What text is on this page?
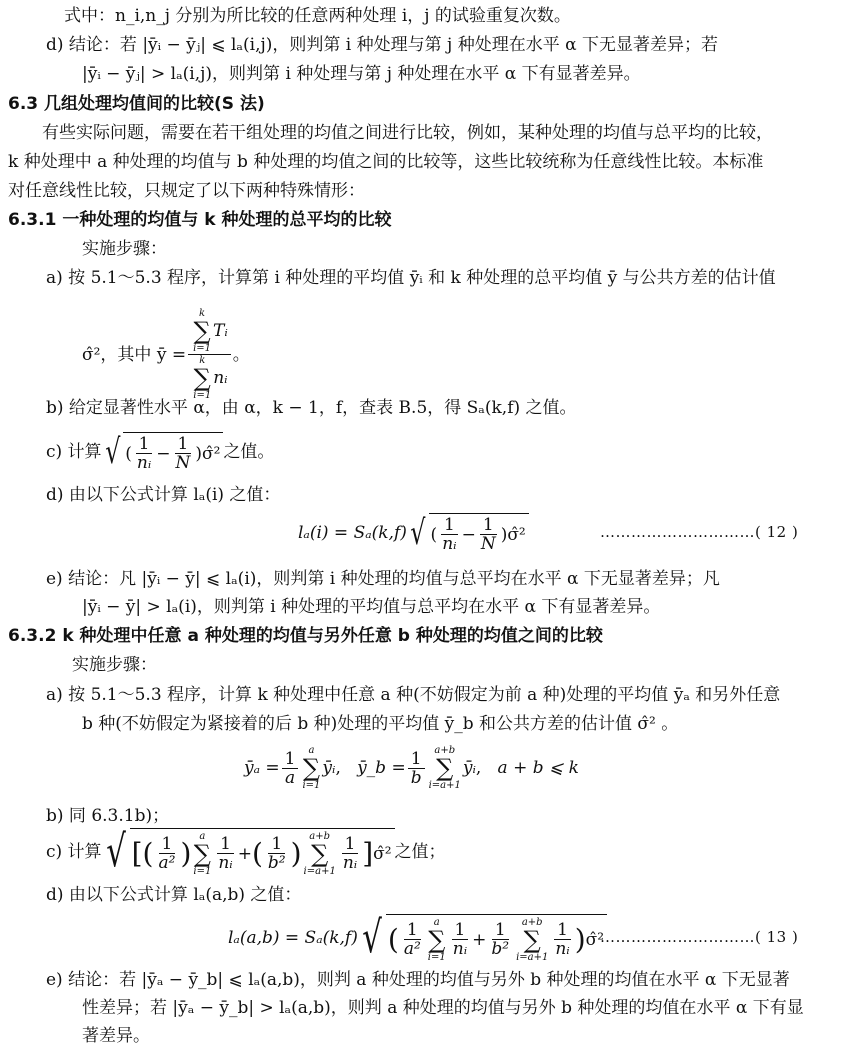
式中：n_i,n_j 分别为所比较的任意两种处理 i，j 的试验重复次数。
d) 结论：若 |ȳᵢ − ȳⱼ| ⩽ lₐ(i,j)，则判第 i 种处理与第 j 种处理在水平 α 下无显著差异；若
|ȳᵢ − ȳⱼ| > lₐ(i,j)，则判第 i 种处理与第 j 种处理在水平 α 下有显著差异。
6.3 几组处理均值间的比较(S 法)
有些实际问题，需要在若干组处理的均值之间进行比较，例如，某种处理的均值与总平均的比较，
k 种处理中 a 种处理的均值与 b 种处理的均值之间的比较等，这些比较统称为任意线性比较。本标准
对任意线性比较，只规定了以下两种特殊情形：
6.3.1 一种处理的均值与 k 种处理的总平均的比较
实施步骤：
a) 按 5.1～5.3 程序，计算第 i 种处理的平均值 ȳᵢ 和 k 种处理的总平均值 ȳ 与公共方差的估计值
σ̂²，其中 ȳ = k
∑
i=1
Tᵢ
k
∑
i=1
nᵢ 。
b) 给定显著性水平 α，由 α，k − 1，f，查表 B.5，得 Sₐ(k,f) 之值。
c) 计算 √ ( $\frac{1}{\text{nᵢ}} - \frac{1}{N}$ ) σ̂² 之值。
d) 由以下公式计算 lₐ(i) 之值：
lₐ(i) = Sₐ(k,f) √ ( $\frac{1}{\text{nᵢ}} - \frac{1}{N}$ ) σ̂²	…………………………( 12 )
e) 结论：凡 |ȳᵢ − ȳ| ⩽ lₐ(i)，则判第 i 种处理的均值与总平均在水平 α 下无显著差异；凡
|ȳᵢ − ȳ| > lₐ(i)，则判第 i 种处理的平均值与总平均在水平 α 下有显著差异。
6.3.2 k 种处理中任意 a 种处理的均值与另外任意 b 种处理的均值之间的比较
实施步骤：
a) 按 5.1～5.3 程序，计算 k 种处理中任意 a 种(不妨假定为前 a 种)处理的平均值 ȳₐ 和另外任意
b 种(不妨假定为紧接着的后 b 种)处理的平均值 ȳ_b 和公共方差的估计值 σ̂² 。
ȳₐ = $\frac{1}{a}$ a
∑
i=1
ȳᵢ , ȳ_b = $\frac{1}{b} a+b$
∑
i=a+1
ȳᵢ , a + b ⩽ k
b) 同 6.3.1b)；
c) 计算 √ [ ( $\frac{1}{\text{a²}}$ )
a
∑
$i=1 \frac{1}{\text{nᵢ}}$ + ( $\frac{1}{\text{b²}}$ )
a+b
∑
$i=a+1 \frac{1}{\text{nᵢ}}$ ] σ̂² 之值；
d) 由以下公式计算 lₐ(a,b) 之值：
lₐ(a,b) = Sₐ(k,f) √ ( $\frac{1}{\text{a²}}$ a
∑
$i=1 \frac{1}{\text{nᵢ}} + \frac{1}{\text{b²}} a+b$
∑
$i=a+1 \frac{1}{\text{nᵢ}}$ ) σ̂²
…………………………( 13 )
e) 结论：若 |ȳₐ − ȳ_b| ⩽ lₐ(a,b)，则判 a 种处理的均值与另外 b 种处理的均值在水平 α 下无显著
性差异；若 |ȳₐ − ȳ_b| > lₐ(a,b)，则判 a 种处理的均值与另外 b 种处理的均值在水平 α 下有显
著差异。
